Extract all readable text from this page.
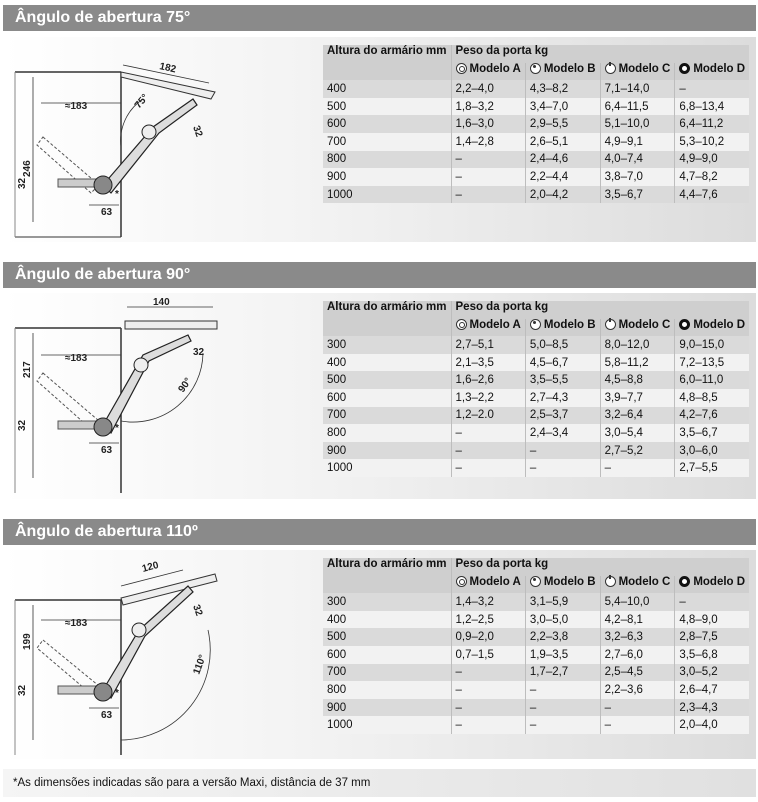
Ângulo de abertura 75°
182
≈183
246
*
32
63
75°
32
Altura do armário mm	Peso da porta kg			

	Modelo A	Modelo B	Modelo C	Modelo D

400	2,2–4,0	4,3–8,2	7,1–14,0	–
500	1,8–3,2	3,4–7,0	6,4–11,5	6,8–13,4
600	1,6–3,0	2,9–5,5	5,1–10,0	6,4–11,2
700	1,4–2,8	2,6–5,1	4,9–9,1	5,3–10,2
800	–	2,4–4,6	4,0–7,4	4,9–9,0
900	–	2,2–4,4	3,8–7,0	4,7–8,2
1000	–	2,0–4,2	3,5–6,7	4,4–7,6
Ângulo de abertura 90°
140
≈183
217
*
32
63
90°
32
Altura do armário mm	Peso da porta kg			

	Modelo A	Modelo B	Modelo C	Modelo D

300	2,7–5,1	5,0–8,5	8,0–12,0	9,0–15,0
400	2,1–3,5	4,5–6,7	5,8–11,2	7,2–13,5
500	1,6–2,6	3,5–5,5	4,5–8,8	6,0–11,0
600	1,3–2,2	2,7–4,3	3,9–7,7	4,8–8,5
700	1,2–2.0	2,5–3,7	3,2–6,4	4,2–7,6
800	–	2,4–3,4	3,0–5,4	3,5–6,7
900	–	–	2,7–5,2	3,0–6,0
1000	–	–	–	2,7–5,5
Ângulo de abertura 110º
120
≈183
199
*
32
63
110°
32
Altura do armário mm	Peso da porta kg			

	Modelo A	Modelo B	Modelo C	Modelo D

300	1,4–3,2	3,1–5,9	5,4–10,0	–
400	1,2–2,5	3,0–5,0	4,2–8,1	4,8–9,0
500	0,9–2,0	2,2–3,8	3,2–6,3	2,8–7,5
600	0,7–1,5	1,9–3,5	2,7–6,0	3,5–6,8
700	–	1,7–2,7	2,5–4,5	3,0–5,2
800	–	–	2,2–3,6	2,6–4,7
900	–	–	–	2,3–4,3
1000	–	–	–	2,0–4,0
*As dimensões indicadas são para a versão Maxi, distância de 37 mm
